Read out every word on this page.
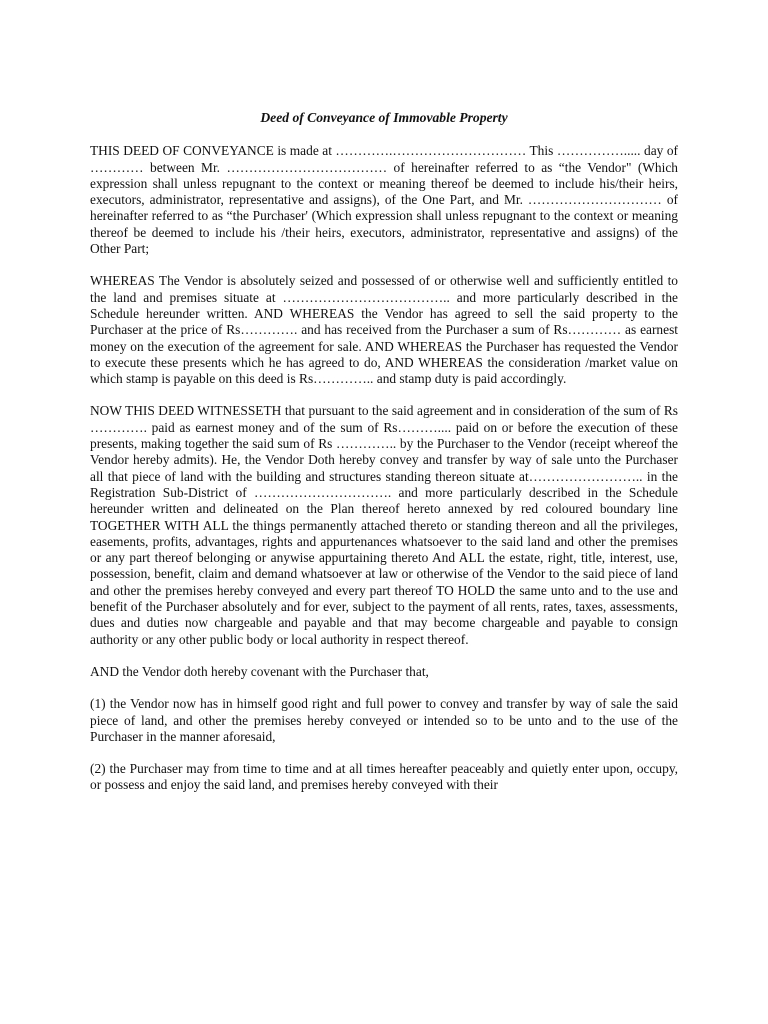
Deed of Conveyance of Immovable Property

THIS DEED OF CONVEYANCE is made at ………….………………………… This ……………..... day of ………… between Mr. ……………………………… of hereinafter referred to as “the Vendor" (Which expression shall unless repugnant to the context or meaning thereof be deemed to include his/their heirs, executors, administrator, representative and assigns), of the One Part, and Mr. ………………………… of hereinafter referred to as “the Purchaser' (Which expression shall unless repugnant to the context or meaning thereof be deemed to include his /their heirs, executors, administrator, representative and assigns) of the Other Part;

WHEREAS The Vendor is absolutely seized and possessed of or otherwise well and sufficiently entitled to the land and premises situate at ……………………………….. and more particularly described in the Schedule hereunder written. AND WHEREAS the Vendor has agreed to sell the said property to the Purchaser at the price of Rs…………. and has received from the Purchaser a sum of Rs………… as earnest money on the execution of the agreement for sale. AND WHEREAS the Purchaser has requested the Vendor to execute these presents which he has agreed to do, AND WHEREAS the consideration /market value on which stamp is payable on this deed is Rs………….. and stamp duty is paid accordingly.

NOW THIS DEED WITNESSETH that pursuant to the said agreement and in consideration of the sum of Rs …………. paid as earnest money and of the sum of Rs……….... paid on or before the execution of these presents, making together the said sum of Rs ………….. by the Purchaser to the Vendor (receipt whereof the Vendor hereby admits). He, the Vendor Doth hereby convey and transfer by way of sale unto the Purchaser all that piece of land with the building and structures standing thereon situate at…………………….. in the Registration Sub-District of …………………………. and more particularly described in the Schedule hereunder written and delineated on the Plan thereof hereto annexed by red coloured boundary line TOGETHER WITH ALL the things permanently attached thereto or standing thereon and all the privileges, easements, profits, advantages, rights and appurtenances whatsoever to the said land and other the premises or any part thereof belonging or anywise appurtaining thereto And ALL the estate, right, title, interest, use, possession, benefit, claim and demand whatsoever at law or otherwise of the Vendor to the said piece of land and other the premises hereby conveyed and every part thereof TO HOLD the same unto and to the use and benefit of the Purchaser absolutely and for ever, subject to the payment of all rents, rates, taxes, assessments, dues and duties now chargeable and payable and that may become chargeable and payable to consign authority or any other public body or local authority in respect thereof.

AND the Vendor doth hereby covenant with the Purchaser that,

(1) the Vendor now has in himself good right and full power to convey and transfer by way of sale the said piece of land, and other the premises hereby conveyed or intended so to be unto and to the use of the Purchaser in the manner aforesaid,

(2) the Purchaser may from time to time and at all times hereafter peaceably and quietly enter upon, occupy, or possess and enjoy the said land, and premises hereby conveyed with their
